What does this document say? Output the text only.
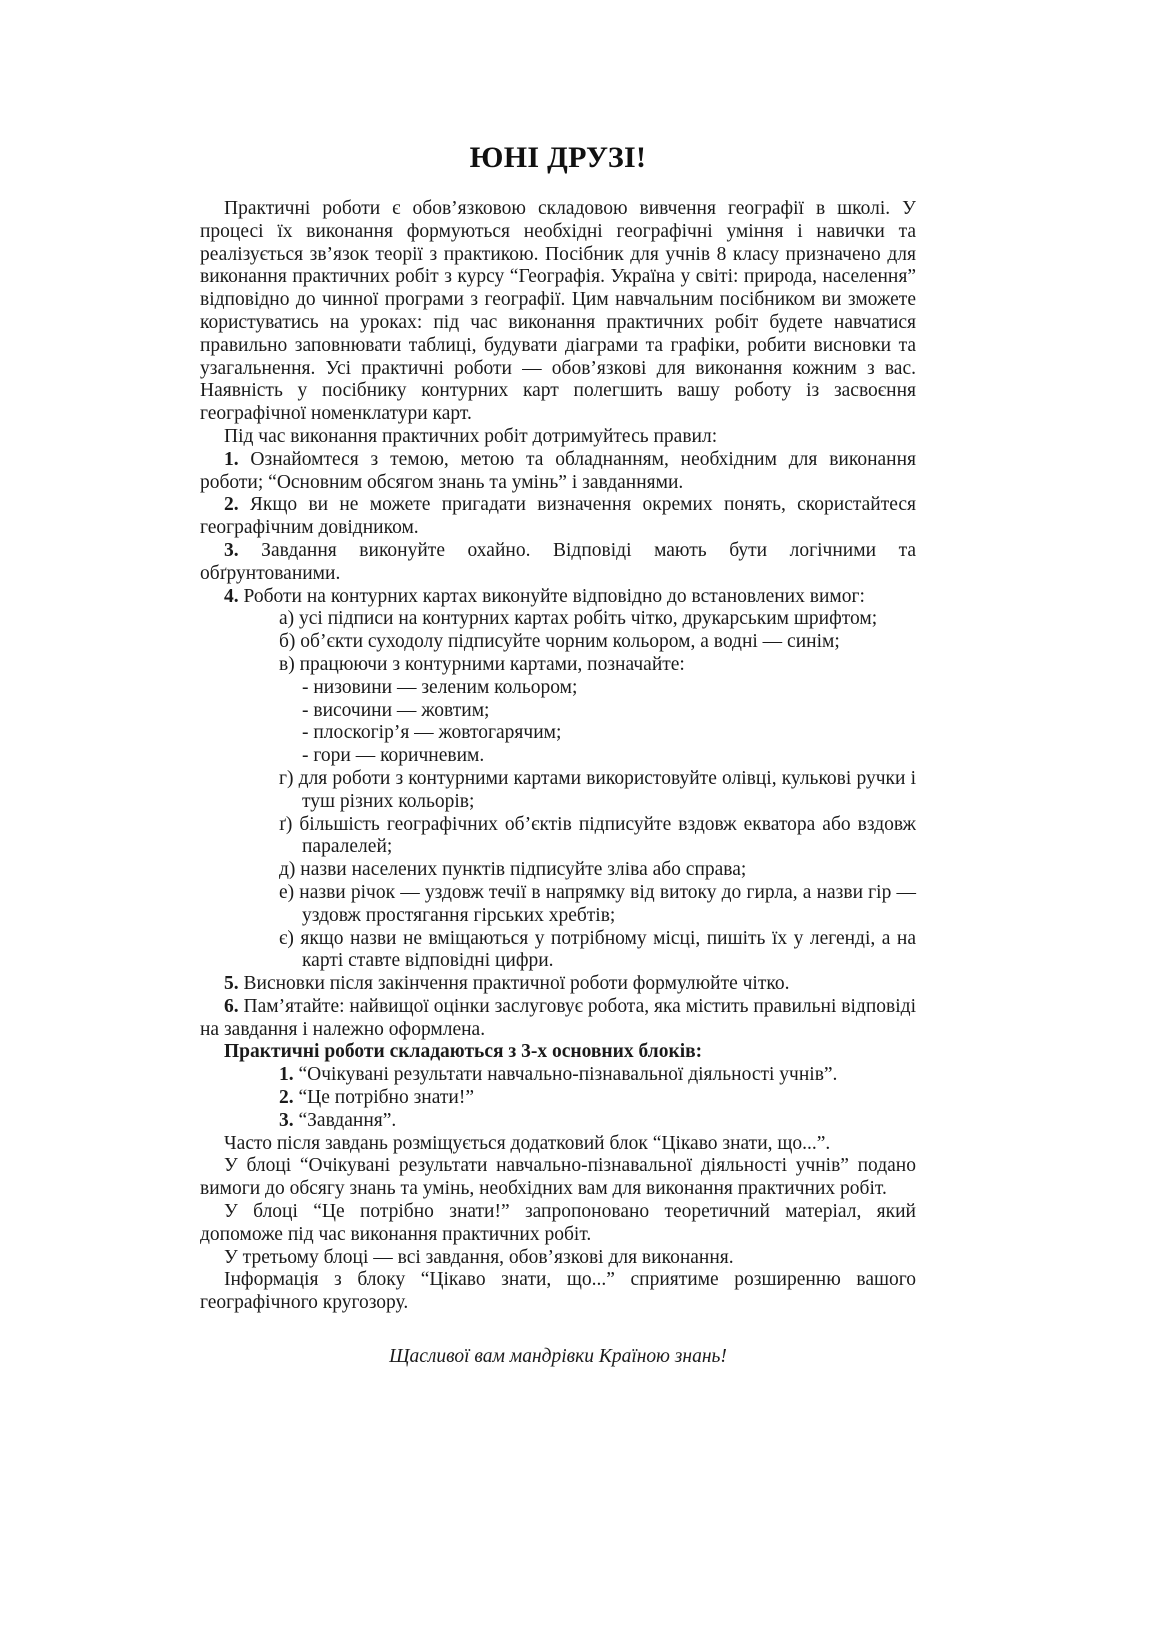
ЮНІ ДРУЗІ!

Практичні роботи є обов’язковою складовою вивчення географії в школі. У процесі їх виконання формуються необхідні географічні уміння і навички та реалізується зв’язок теорії з практикою. Посібник для учнів 8 класу призначено для виконання практичних робіт з курсу “Географія. Україна у світі: природа, населення” відповідно до чинної програми з географії. Цим навчальним посібником ви зможете користуватись на уроках: під час виконання практичних робіт будете навчатися правильно заповнювати таблиці, будувати діаграми та графіки, робити висновки та узагальнення. Усі практичні роботи — обов’язкові для виконання кожним з вас. Наявність у посібнику контурних карт полегшить вашу роботу із засвоєння географічної номенклатури карт.

Під час виконання практичних робіт дотримуйтесь правил:

1. Ознайомтеся з темою, метою та обладнанням, необхідним для виконання роботи; “Основним обсягом знань та умінь” і завданнями.
2. Якщо ви не можете пригадати визначення окремих понять, скористайтеся географічним довідником.
3. Завдання виконуйте охайно. Відповіді мають бути логічними та обґрунтованими.
4. Роботи на контурних картах виконуйте відповідно до встановлених вимог:
а) усі підписи на контурних картах робіть чітко, друкарським шрифтом;
б) об’єкти суходолу підписуйте чорним кольором, а водні — синім;
в) працюючи з контурними картами, позначайте:
- низовини — зеленим кольором;
- височини — жовтим;
- плоскогір’я — жовтогарячим;
- гори — коричневим.
г) для роботи з контурними картами використовуйте олівці, кулькові ручки і туш різних кольорів;
ґ) більшість географічних об’єктів підписуйте вздовж екватора або вздовж паралелей;
д) назви населених пунктів підписуйте зліва або справа;
е) назви річок — уздовж течії в напрямку від витоку до гирла, а назви гір — уздовж простягання гірських хребтів;
є) якщо назви не вміщаються у потрібному місці, пишіть їх у легенді, а на карті ставте відповідні цифри.
5. Висновки після закінчення практичної роботи формулюйте чітко.
6. Пам’ятайте: найвищої оцінки заслуговує робота, яка містить правильні відповіді на завдання і належно оформлена.
Практичні роботи складаються з 3-х основних блоків:
1. “Очікувані результати навчально-пізнавальної діяльності учнів”.
2. “Це потрібно знати!”
3. “Завдання”.

Часто після завдань розміщується додатковий блок “Цікаво знати, що...”.

У блоці “Очікувані результати навчально-пізнавальної діяльності учнів” подано вимоги до обсягу знань та умінь, необхідних вам для виконання практичних робіт.

У блоці “Це потрібно знати!” запропоновано теоретичний матеріал, який допоможе під час виконання практичних робіт.

У третьому блоці — всі завдання, обов’язкові для виконання.

Інформація з блоку “Цікаво знати, що...” сприятиме розширенню вашого географічного кругозору.

Щасливої вам мандрівки Країною знань!
